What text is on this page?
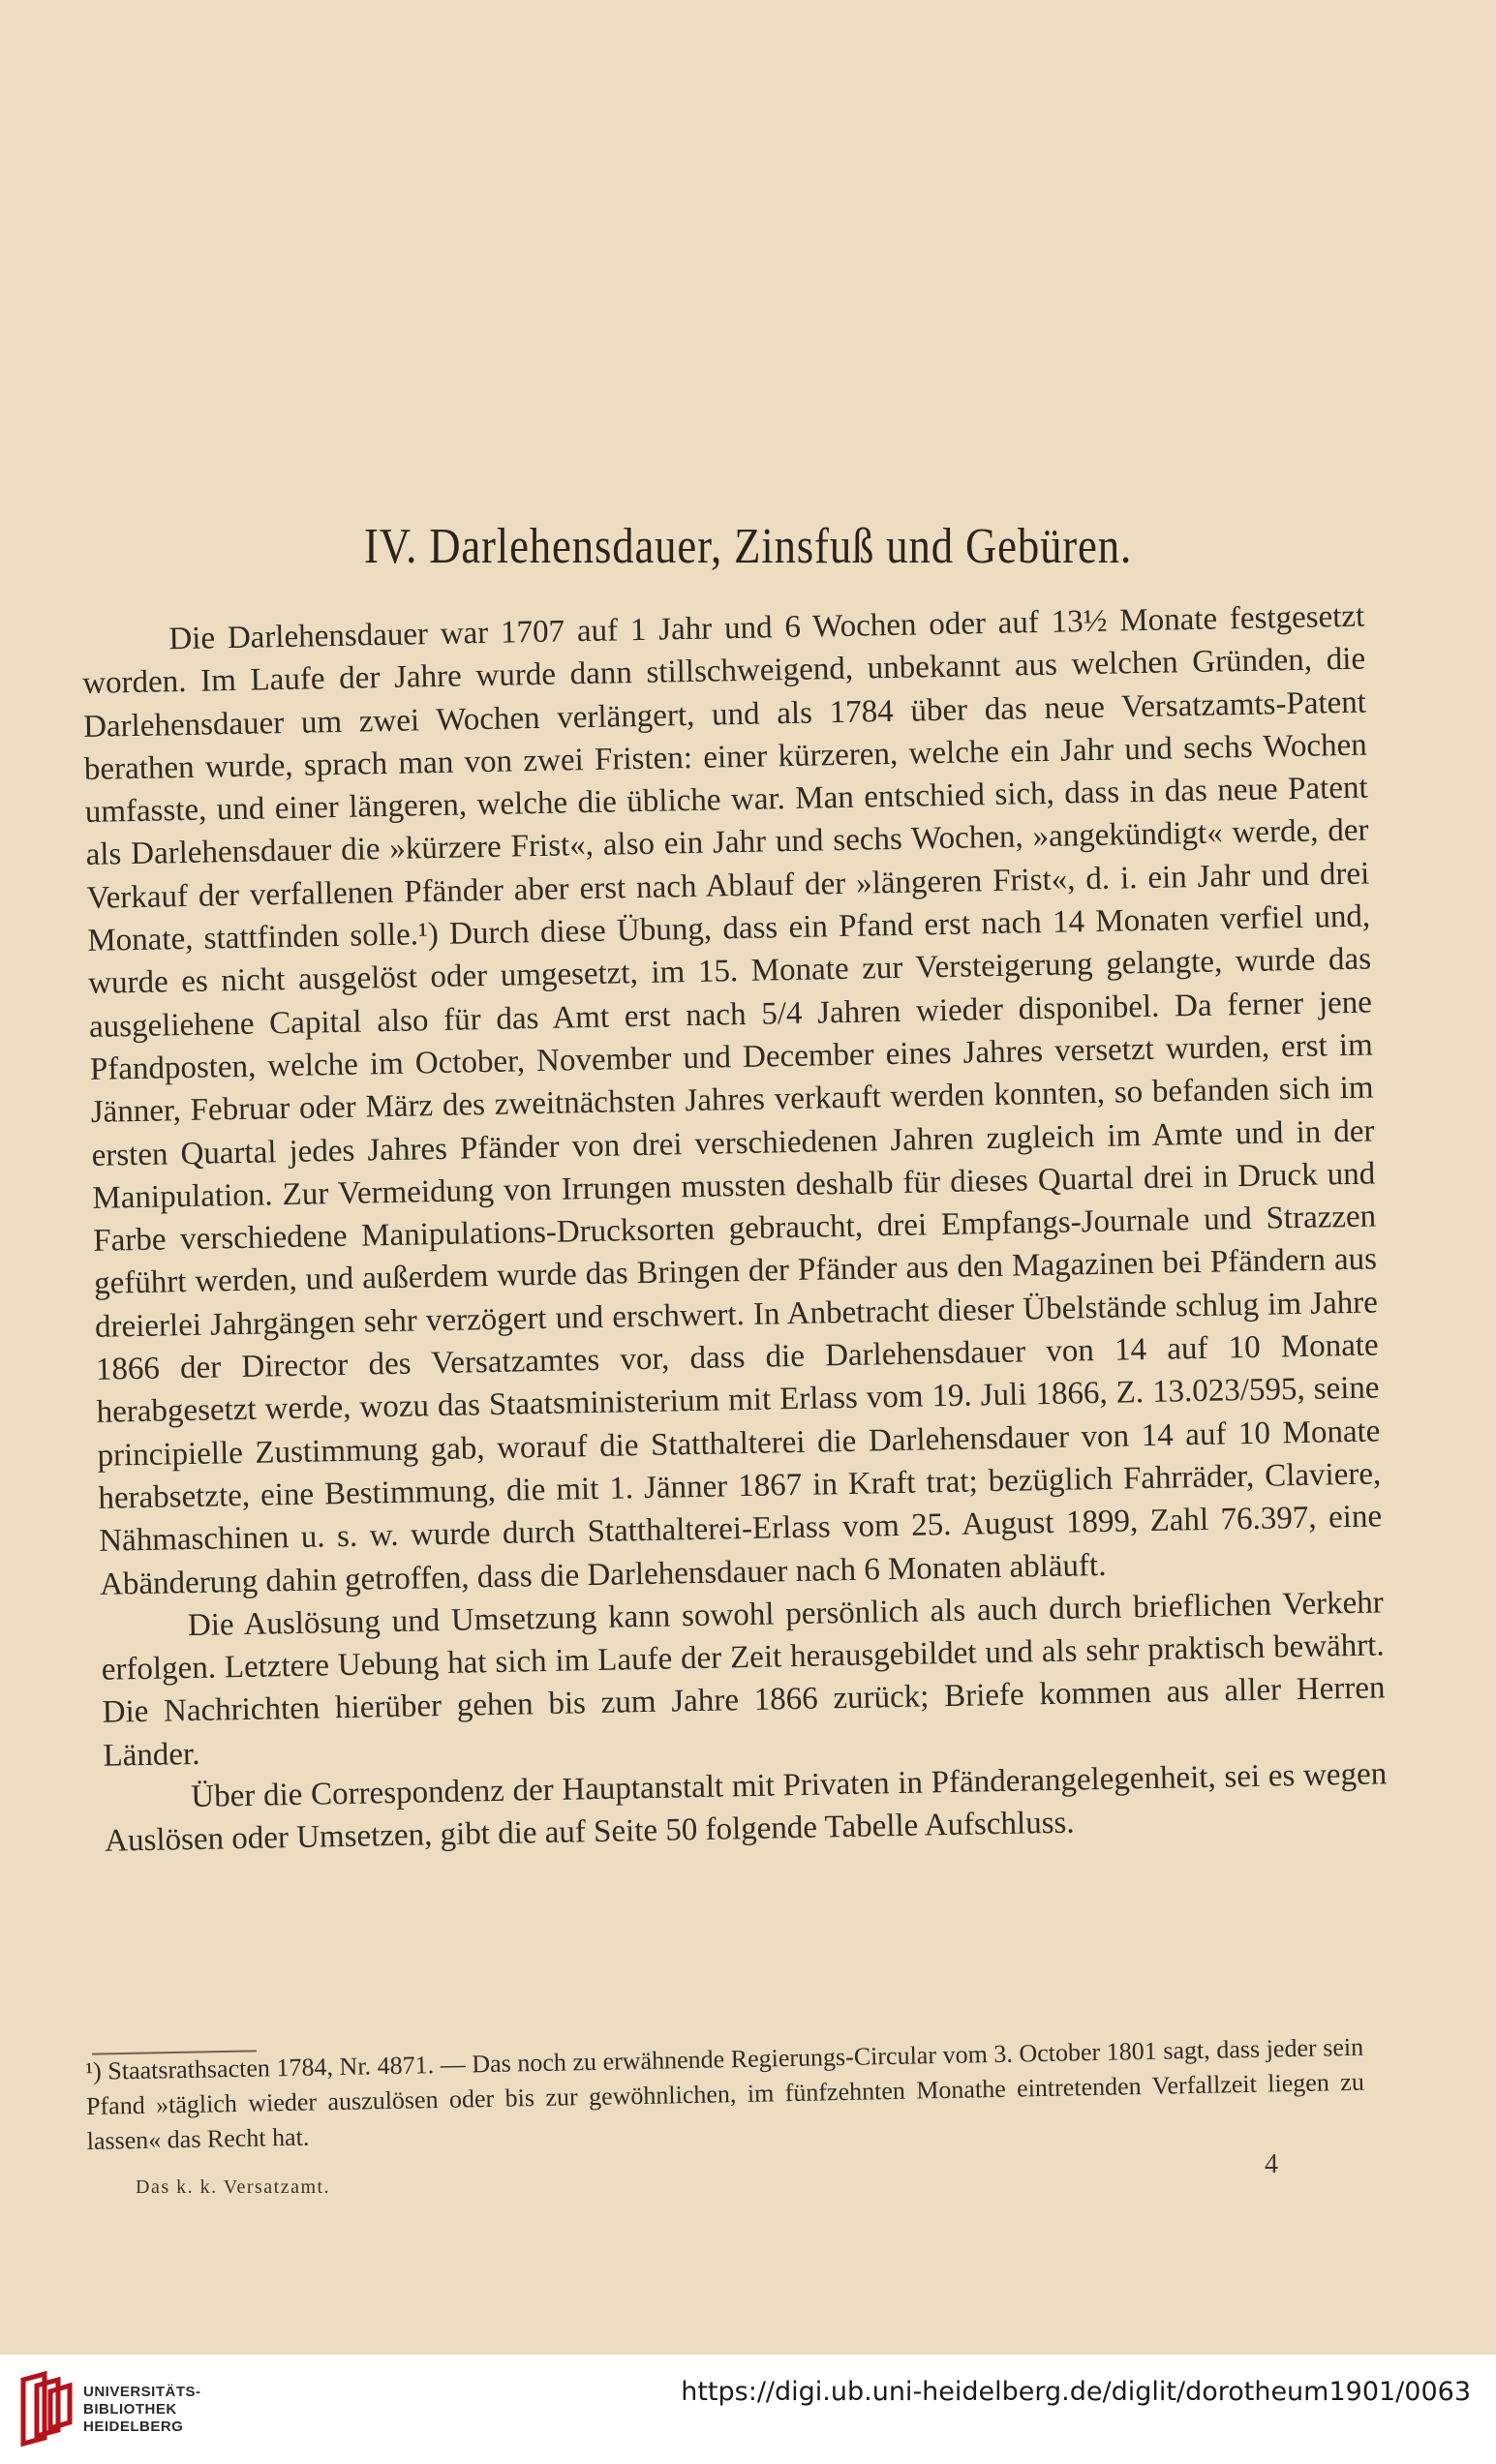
IV. Darlehensdauer, Zinsfuß und Gebüren.

Die Darlehensdauer war 1707 auf 1 Jahr und 6 Wochen oder auf 13½ Monate festgesetzt worden. Im Laufe der Jahre wurde dann stillschweigend, unbekannt aus welchen Gründen, die Darlehensdauer um zwei Wochen verlängert, und als 1784 über das neue Versatzamts-Patent berathen wurde, sprach man von zwei Fristen: einer kürzeren, welche ein Jahr und sechs Wochen umfasste, und einer längeren, welche die übliche war. Man entschied sich, dass in das neue Patent als Darlehensdauer die »kürzere Frist«, also ein Jahr und sechs Wochen, »angekündigt« werde, der Verkauf der verfallenen Pfänder aber erst nach Ablauf der »längeren Frist«, d. i. ein Jahr und drei Monate, stattfinden solle.¹) Durch diese Übung, dass ein Pfand erst nach 14 Monaten verfiel und, wurde es nicht ausgelöst oder umgesetzt, im 15. Monate zur Versteigerung gelangte, wurde das ausgeliehene Capital also für das Amt erst nach 5/4 Jahren wieder disponibel. Da ferner jene Pfandposten, welche im October, November und December eines Jahres versetzt wurden, erst im Jänner, Februar oder März des zweitnächsten Jahres verkauft werden konnten, so befanden sich im ersten Quartal jedes Jahres Pfänder von drei verschiedenen Jahren zugleich im Amte und in der Manipulation. Zur Vermeidung von Irrungen mussten deshalb für dieses Quartal drei in Druck und Farbe verschiedene Manipulations-Drucksorten gebraucht, drei Empfangs-Journale und Strazzen geführt werden, und außerdem wurde das Bringen der Pfänder aus den Magazinen bei Pfändern aus dreierlei Jahrgängen sehr verzögert und erschwert. In Anbetracht dieser Übelstände schlug im Jahre 1866 der Director des Versatzamtes vor, dass die Darlehensdauer von 14 auf 10 Monate herabgesetzt werde, wozu das Staatsministerium mit Erlass vom 19. Juli 1866, Z. 13.023/595, seine principielle Zustimmung gab, worauf die Statthalterei die Darlehensdauer von 14 auf 10 Monate herabsetzte, eine Bestimmung, die mit 1. Jänner 1867 in Kraft trat; bezüglich Fahrräder, Claviere, Nähmaschinen u. s. w. wurde durch Statthalterei-Erlass vom 25. August 1899, Zahl 76.397, eine Abänderung dahin getroffen, dass die Darlehensdauer nach 6 Monaten abläuft.

Die Auslösung und Umsetzung kann sowohl persönlich als auch durch brieflichen Verkehr erfolgen. Letztere Uebung hat sich im Laufe der Zeit herausgebildet und als sehr praktisch bewährt. Die Nachrichten hierüber gehen bis zum Jahre 1866 zurück; Briefe kommen aus aller Herren Länder.

Über die Correspondenz der Hauptanstalt mit Privaten in Pfänderangelegenheit, sei es wegen Auslösen oder Umsetzen, gibt die auf Seite 50 folgende Tabelle Aufschluss.

¹) Staatsrathsacten 1784, Nr. 4871. — Das noch zu erwähnende Regierungs-Circular vom 3. October 1801 sagt, dass jeder sein Pfand »täglich wieder auszulösen oder bis zur gewöhnlichen, im fünfzehnten Monathe eintretenden Verfallzeit liegen zu lassen« das Recht hat.

4
Das k. k. Versatzamt.
UNIVERSITÄTS-
BIBLIOTHEK
HEIDELBERG
https://digi.ub.uni-heidelberg.de/diglit/dorotheum1901/0063
